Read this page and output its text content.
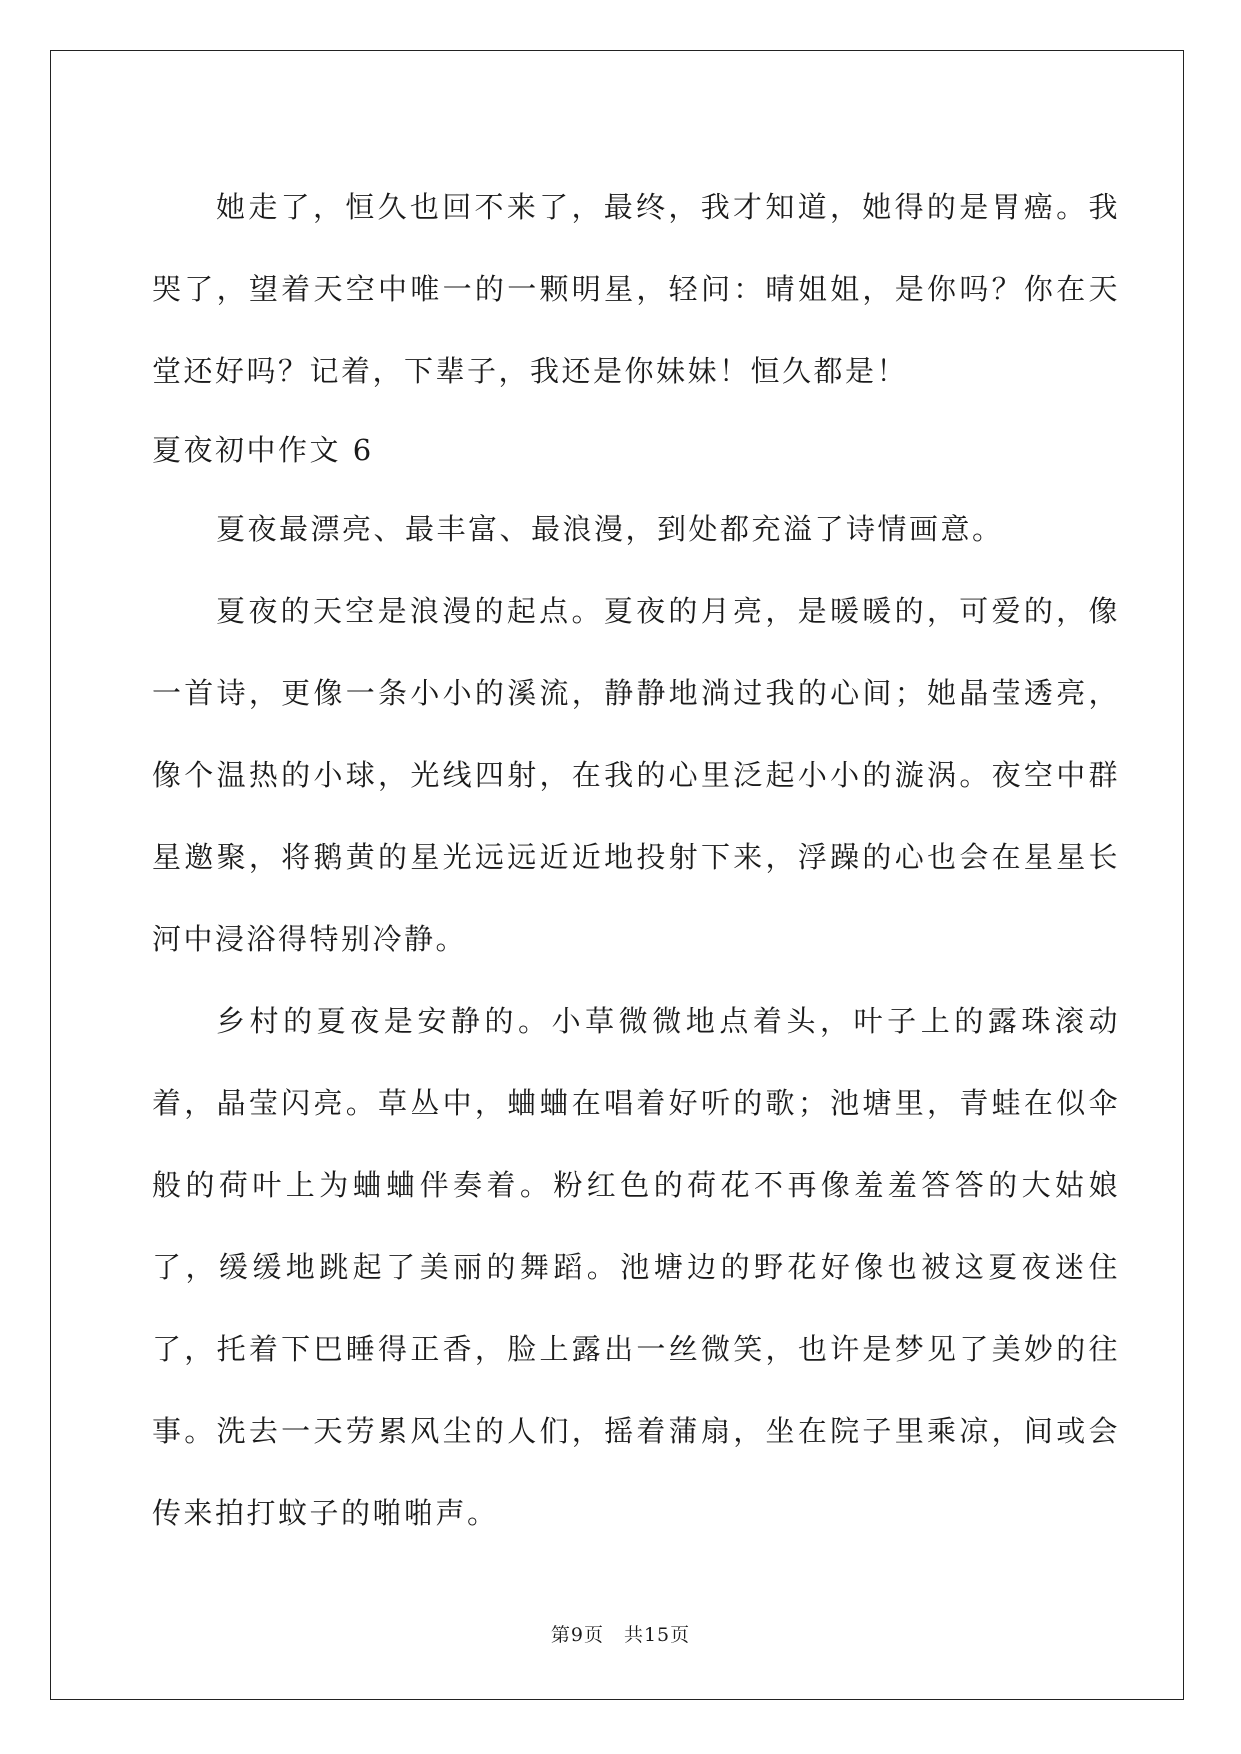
她走了，恒久也回不来了，最终，我才知道，她得的是胃癌。我哭了，望着天空中唯一的一颗明星，轻问：晴姐姐，是你吗？你在天堂还好吗？记着，下辈子，我还是你妹妹！恒久都是！

夏夜初中作文 6

夏夜最漂亮、最丰富、最浪漫，到处都充溢了诗情画意。

夏夜的天空是浪漫的起点。夏夜的月亮，是暖暖的，可爱的，像一首诗，更像一条小小的溪流，静静地淌过我的心间；她晶莹透亮，像个温热的小球，光线四射，在我的心里泛起小小的漩涡。夜空中群星邀聚，将鹅黄的星光远远近近地投射下来，浮躁的心也会在星星长河中浸浴得特别冷静。

乡村的夏夜是安静的。小草微微地点着头，叶子上的露珠滚动着，晶莹闪亮。草丛中，蛐蛐在唱着好听的歌；池塘里，青蛙在似伞般的荷叶上为蛐蛐伴奏着。粉红色的荷花不再像羞羞答答的大姑娘了，缓缓地跳起了美丽的舞蹈。池塘边的野花好像也被这夏夜迷住了，托着下巴睡得正香，脸上露出一丝微笑，也许是梦见了美妙的往事。洗去一天劳累风尘的人们，摇着蒲扇，坐在院子里乘凉，间或会传来拍打蚊子的啪啪声。

第9页 共15页
